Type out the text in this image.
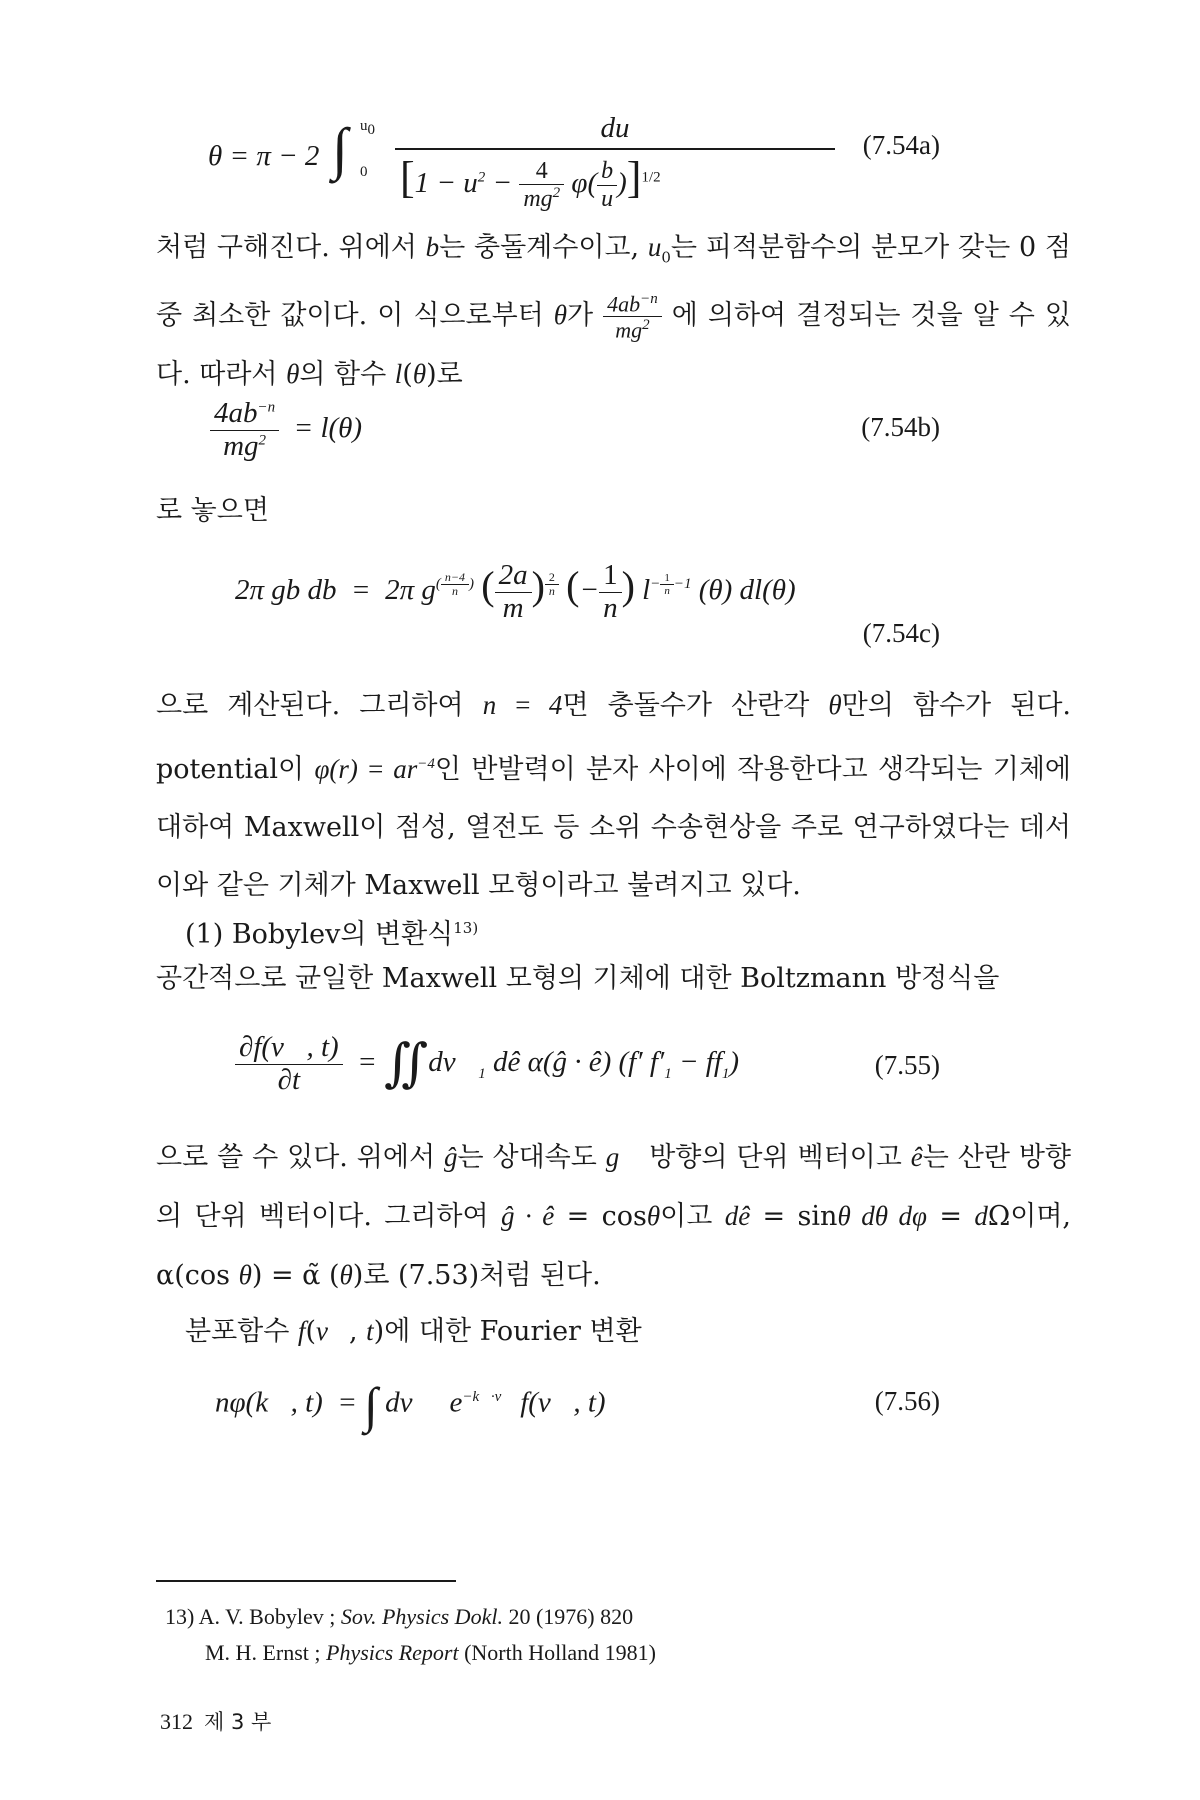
θ = π − 2 ∫ $u_0$
0
du
$[1 - u^2 - \frac{4}{mg^2} \varphi( \frac{b}{u} )]^{1/2}$
(7.54a)

처럼 구해진다. 위에서 b는 충돌계수이고, $u_0$는 피적분함수의 분모가 갖는 0 점 중 최소한 값이다. 이 식으로부터 θ가 $\frac{4ab^{-n}}{mg^2}$ 에 의하여 결정되는 것을 알 수 있다. 따라서 θ의 함수 l(θ)로

$\frac{4ab^{-n}}{mg^2} = l(\theta)$	(7.54b)

로 놓으면

2π gb db  =  2π $g^{( \frac{n-4}{n} )}$ ( $\frac{2a}{m}$ ) $^{\frac{2}{n}}$ (− $\frac{1}{n}$ ) $l^{- \frac{1}{n} -1}$ (θ) dl(θ)
(7.54c)

으로 계산된다. 그리하여 n = 4면 충돌수가 산란각 θ만의 함수가 된다. potential이 $\varphi(r) = ar^{-4}$인 반발력이 분자 사이에 작용한다고 생각되는 기체에 대하여 Maxwell이 점성, 열전도 등 소위 수송현상을 주로 연구하였다는 데서 이와 같은 기체가 Maxwell 모형이라고 불려지고 있다.

(1) Bobylev의 변환식$^{13)}$

공간적으로 균일한 Maxwell 모형의 기체에 대한 Boltzmann 방정식을

$\frac{\partial f(v⃗, t)}{\partial t}$ = $∬dv⃗_1$ dê α(ĝ · ê) (f′ $f'_1 - ff_1$)	(7.55)

으로 쓸 수 있다. 위에서 ĝ는 상대속도 g⃗ 방향의 단위 벡터이고 ê는 산란 방향의 단위 벡터이다. 그리하여 ĝ · ê = cosθ이고 dê = sinθ dθ dφ = dΩ이며, α(cos θ) = α̃ (θ)로 (7.53)처럼 된다.

분포함수 f(v⃗, t)에 대한 Fourier 변환

nφ(k⃗, t)  = ∫ dv⃗  $e^{-k⃗\cdot v⃗}$ f(v⃗, t)	(7.56)
13) A. V. Bobylev ; Sov. Physics Dokl. 20 (1976) 820
M. H. Ernst ; Physics Report (North Holland 1981)
312 제 3 부
